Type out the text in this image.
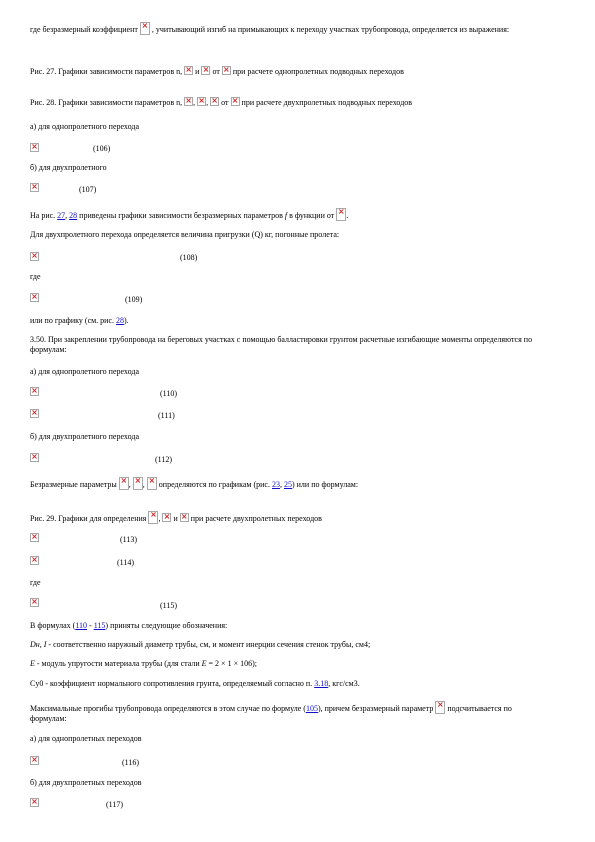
где безразмерный коэффициент × , учитывающий изгиб на примыкающих к переходу участках трубопровода, определяется из выражения:
Рис. 27. Графики зависимости параметров n, × и × от × при расчете однопролетных подводных переходов
Рис. 28. Графики зависимости параметров n, × , × , × от × при расчете двухпролетных подводных переходов
а) для однопролетного перехода
×
(106)
б) для двухпролетного
×
(107)
На рис. 27, 28 приведены графики зависимости безразмерных параметров f в функции от × .
Для двухпролетного перехода определяется величина пригрузки (Q) кг, погонные пролета:
×
(108)
где
×
(109)
или по графику (см. рис. 28).
3.50. При закреплении трубопровода на береговых участках с помощью балластировки грунтом расчетные изгибающие моменты определяются по формулам:
а) для однопролетного перехода
×
(110)
×
(111)
б) для двухпролетного перехода
×
(112)
Безразмерные параметры × , ×, × определяются по графикам (рис. 23, 25) или по формулам:
Рис. 29. Графики для определения × , × и × при расчете двухпролетных переходов
×
(113)
×
(114)
где
×
(115)
В формулах (110 - 115) приняты следующие обозначения:
Dн, I - соответственно наружный диаметр трубы, см, и момент инерции сечения стенок трубы, см4;
E - модуль упругости материала трубы (для стали E = 2 × 1 × 106);
Cy0 - коэффициент нормального сопротивления грунта, определяемый согласно п. 3.18, кгс/см3.
Максимальные прогибы трубопровода определяются в этом случае по формуле (105), причем безразмерный параметр × подсчитывается по формулам:
а) для однопролетных переходов
×
(116)
б) для двухпролетных переходов
×
(117)
